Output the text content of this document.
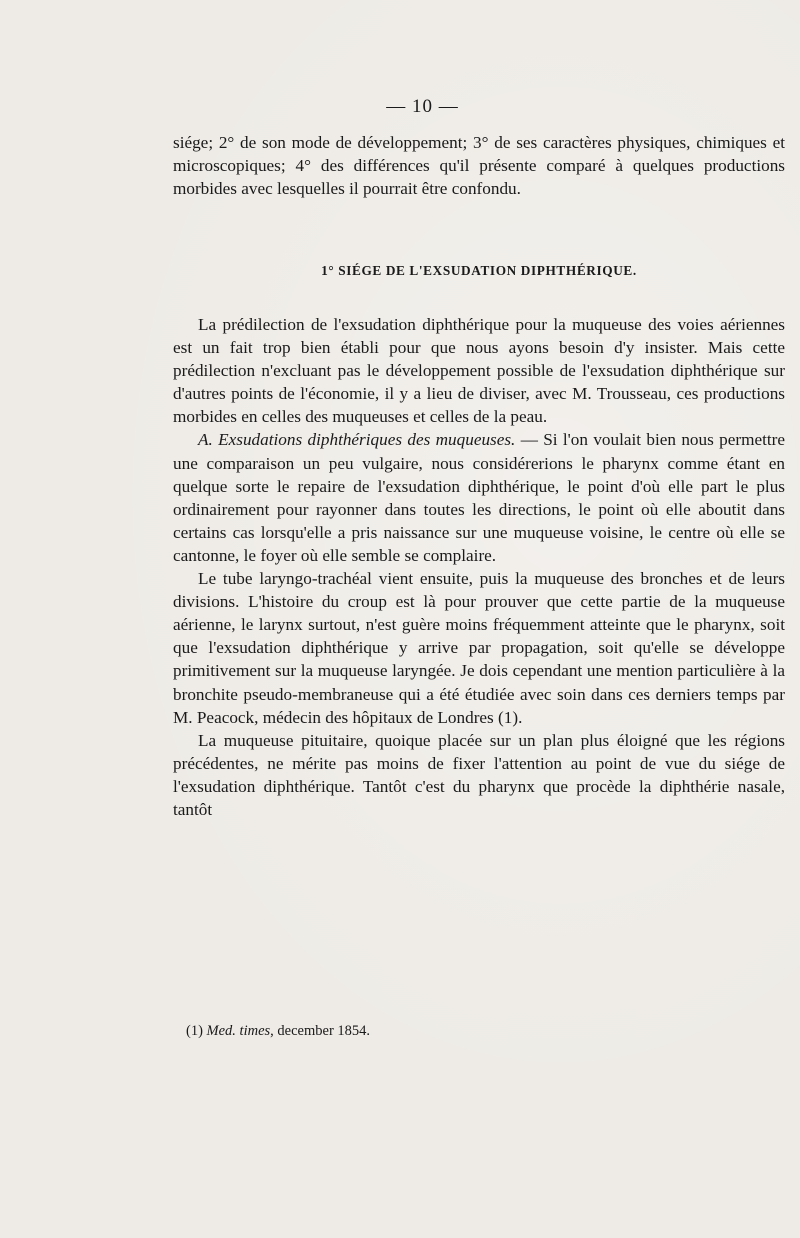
— 10 —

siége; 2° de son mode de développement; 3° de ses caractères physiques, chimiques et microscopiques; 4° des différences qu'il présente comparé à quelques productions morbides avec lesquelles il pourrait être confondu.

1° SIÉGE DE L'EXSUDATION DIPHTHÉRIQUE.

La prédilection de l'exsudation diphthérique pour la muqueuse des voies aériennes est un fait trop bien établi pour que nous ayons besoin d'y insister. Mais cette prédilection n'excluant pas le développement possible de l'exsudation diphthérique sur d'autres points de l'économie, il y a lieu de diviser, avec M. Trousseau, ces productions morbides en celles des muqueuses et celles de la peau.

A. Exsudations diphthériques des muqueuses. — Si l'on voulait bien nous permettre une comparaison un peu vulgaire, nous considérerions le pharynx comme étant en quelque sorte le repaire de l'exsudation diphthérique, le point d'où elle part le plus ordinairement pour rayonner dans toutes les directions, le point où elle aboutit dans certains cas lorsqu'elle a pris naissance sur une muqueuse voisine, le centre où elle se cantonne, le foyer où elle semble se complaire.

Le tube laryngo-trachéal vient ensuite, puis la muqueuse des bronches et de leurs divisions. L'histoire du croup est là pour prouver que cette partie de la muqueuse aérienne, le larynx surtout, n'est guère moins fréquemment atteinte que le pharynx, soit que l'exsudation diphthérique y arrive par propagation, soit qu'elle se développe primitivement sur la muqueuse laryngée. Je dois cependant une mention particulière à la bronchite pseudo-membraneuse qui a été étudiée avec soin dans ces derniers temps par M. Peacock, médecin des hôpitaux de Londres (1).

La muqueuse pituitaire, quoique placée sur un plan plus éloigné que les régions précédentes, ne mérite pas moins de fixer l'attention au point de vue du siége de l'exsudation diphthérique. Tantôt c'est du pharynx que procède la diphthérie nasale, tantôt

(1) Med. times, december 1854.
